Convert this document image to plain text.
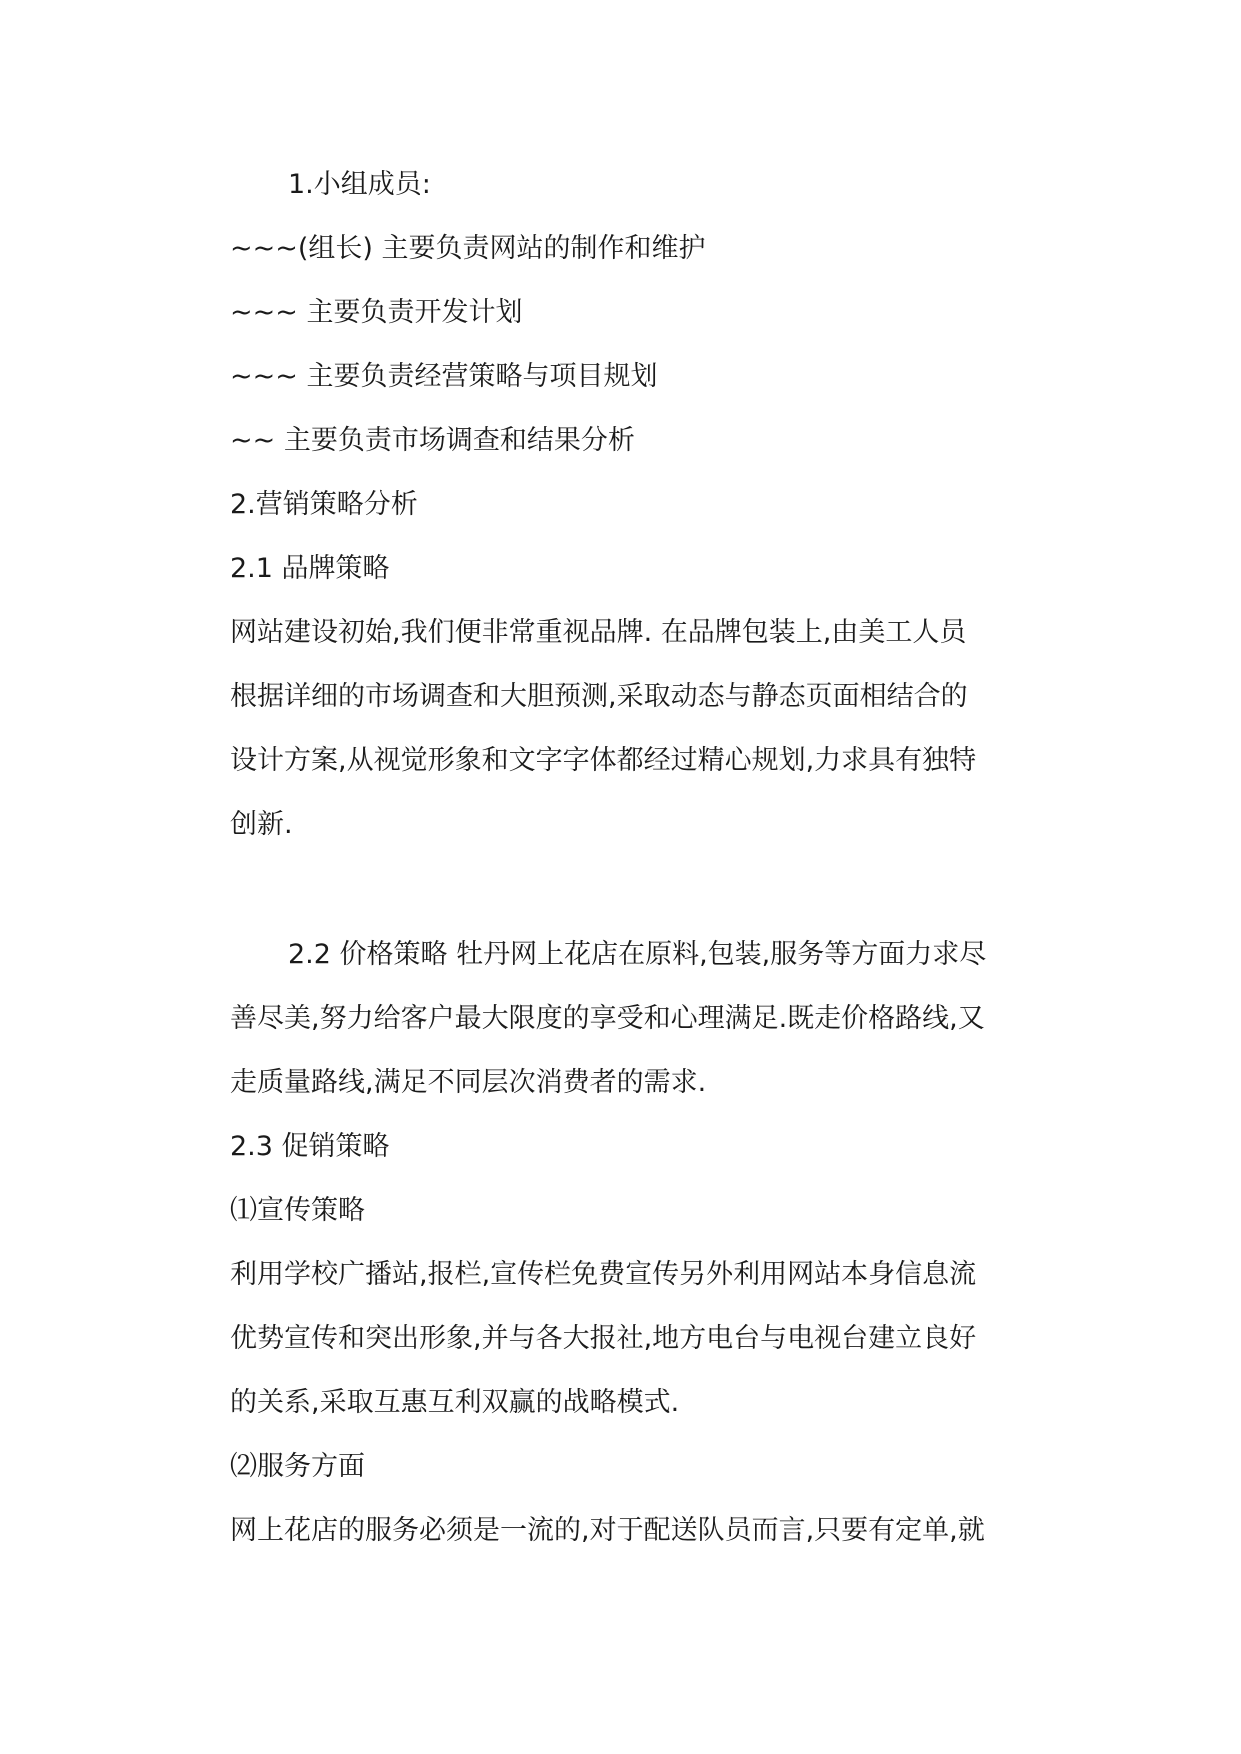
1.小组成员:
~~~(组长) 主要负责网站的制作和维护
~~~ 主要负责开发计划
~~~ 主要负责经营策略与项目规划
~~ 主要负责市场调查和结果分析
2.营销策略分析
2.1 品牌策略
网站建设初始,我们便非常重视品牌. 在品牌包装上,由美工人员
根据详细的市场调查和大胆预测,采取动态与静态页面相结合的
设计方案,从视觉形象和文字字体都经过精心规划,力求具有独特
创新.
2.2 价格策略 牡丹网上花店在原料,包装,服务等方面力求尽
善尽美,努力给客户最大限度的享受和心理满足.既走价格路线,又
走质量路线,满足不同层次消费者的需求.
2.3 促销策略
⑴宣传策略
利用学校广播站,报栏,宣传栏免费宣传另外利用网站本身信息流
优势宣传和突出形象,并与各大报社,地方电台与电视台建立良好
的关系,采取互惠互利双赢的战略模式.
⑵服务方面
网上花店的服务必须是一流的,对于配送队员而言,只要有定单,就
